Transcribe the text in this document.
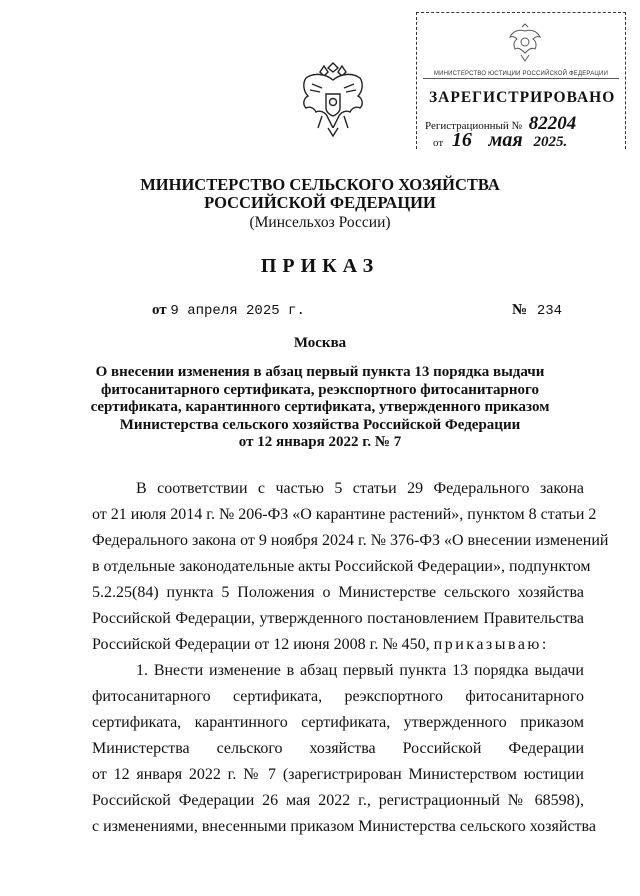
МИНИСТЕРСТВО ЮСТИЦИИ РОССИЙСКОЙ ФЕДЕРАЦИИ
ЗАРЕГИСТРИРОВАНО
Регистрационный № 82204
от 16 мая 2025.
МИНИСТЕРСТВО СЕЛЬСКОГО ХОЗЯЙСТВА
РОССИЙСКОЙ ФЕДЕРАЦИИ
(Минсельхоз России)
ПРИКАЗ
от 9 апреля 2025 г.	№ 234
Москва
О внесении изменения в абзац первый пункта 13 порядка выдачи
фитосанитарного сертификата, реэкспортного фитосанитарного
сертификата, карантинного сертификата, утвержденного приказом
Министерства сельского хозяйства Российской Федерации
от 12 января 2022 г. № 7
В соответствии с частью 5 статьи 29 Федерального закона
от 21 июля 2014 г. № 206-ФЗ «О карантине растений», пунктом 8 статьи 2
Федерального закона от 9 ноября 2024 г. № 376-ФЗ «О внесении изменений
в отдельные законодательные акты Российской Федерации», подпунктом
5.2.25(84) пункта 5 Положения о Министерстве сельского хозяйства
Российской Федерации, утвержденного постановлением Правительства
Российской Федерации от 12 июня 2008 г. № 450, приказываю:
1. Внести изменение в абзац первый пункта 13 порядка выдачи
фитосанитарного сертификата, реэкспортного фитосанитарного
сертификата, карантинного сертификата, утвержденного приказом
Министерства сельского хозяйства Российской Федерации
от 12 января 2022 г. № 7 (зарегистрирован Министерством юстиции
Российской Федерации 26 мая 2022 г., регистрационный № 68598),
с изменениями, внесенными приказом Министерства сельского хозяйства
